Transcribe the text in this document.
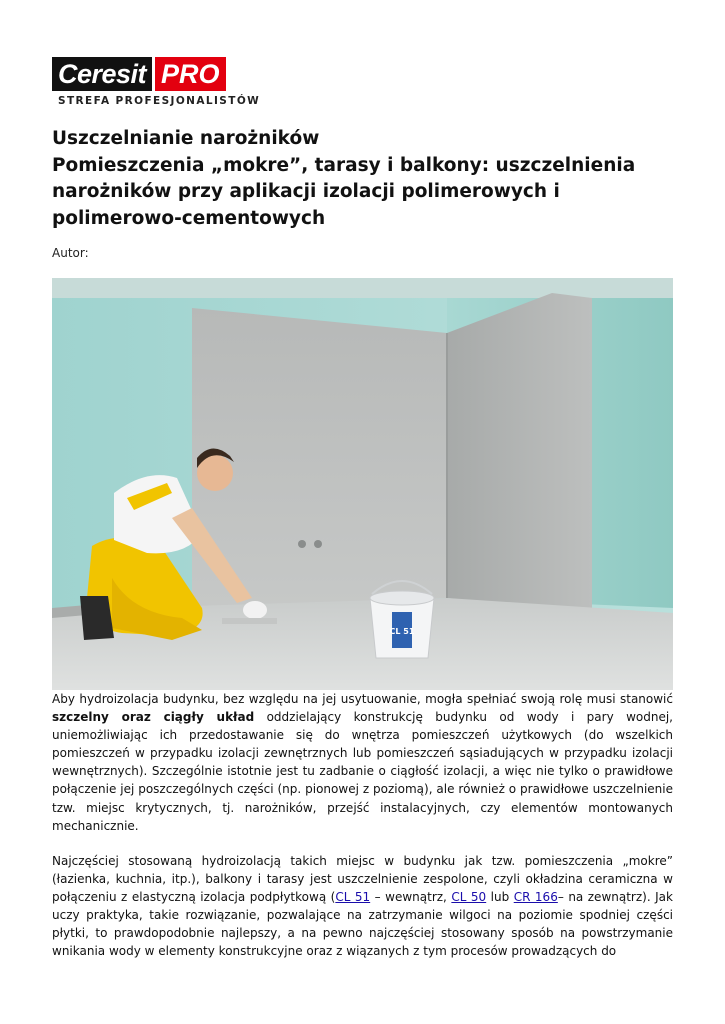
Ceresit PRO
STREFA PROFESJONALISTÓW
Uszczelnianie narożników
Pomieszczenia „mokre”, tarasy i balkony: uszczelnienia
narożników przy aplikacji izolacji polimerowych i
polimerowo-cementowych
Autor:
CL 51

Aby hydroizolacja budynku, bez względu na jej usytuowanie, mogła spełniać swoją rolę musi stanowić szczelny oraz ciągły układ oddzielający konstrukcję budynku od wody i pary wodnej, uniemożliwiając ich przedostawanie się do wnętrza pomieszczeń użytkowych (do wszelkich pomieszczeń w przypadku izolacji zewnętrznych lub pomieszczeń sąsiadujących w przypadku izolacji wewnętrznych). Szczególnie istotnie jest tu zadbanie o ciągłość izolacji, a więc nie tylko o prawidłowe połączenie jej poszczególnych części (np. pionowej z poziomą), ale również o prawidłowe uszczelnienie tzw. miejsc krytycznych, tj. narożników, przejść instalacyjnych, czy elementów montowanych mechanicznie.

Najczęściej stosowaną hydroizolacją takich miejsc w budynku jak tzw. pomieszczenia „mokre” (łazienka, kuchnia, itp.), balkony i tarasy jest uszczelnienie zespolone, czyli okładzina ceramiczna w połączeniu z elastyczną izolacja podpłytkową (CL 51 – wewnątrz, CL 50 lub CR 166– na zewnątrz). Jak uczy praktyka, takie rozwiązanie, pozwalające na zatrzymanie wilgoci na poziomie spodniej części płytki, to prawdopodobnie najlepszy, a na pewno najczęściej stosowany sposób na powstrzymanie wnikania wody w elementy konstrukcyjne oraz z wiązanych z tym procesów prowadzących do
